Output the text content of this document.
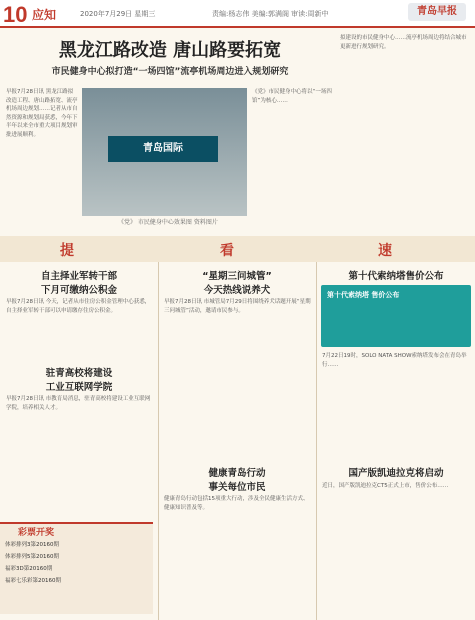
10 应知	2020年7月29日 星期三	责编:杨志伟 美编:郭满阁 审读:周新中	青岛早报
黑龙江路改造 唐山路要拓宽
市民健身中心拟打造“一场四馆”流亭机场周边进入规划研究
早报7月28日讯 黑龙江路拟改造工程、唐山路拓宽、流亭机场周边规划……记者从市自然资源和规划局获悉，今年下半年以来全市重大项目规划审批进展顺利。
青岛国际
《党》 市民健身中心效果图 资料图片
《党》市民健身中心将以“一场四馆”为核心……
拟建设的市民健身中心……流亭机场周边将结合城市更新进行规划研究。
提	看	速
自主择业军转干部
下月可缴纳公积金
早报7月28日讯 今天，记者从市住房公积金管理中心获悉，自主择业军转干部可以申请缴存住房公积金。
驻青高校将建设
工业互联网学院
早报7月28日讯 市教育局消息，驻青高校将建设工业互联网学院，培养相关人才。
彩票开奖
体彩排列3第20160期
体彩排列5第20160期
福彩3D第20160期
福彩七乐彩第20160期
“星期三问城管”
今天热线说养犬
早报7月28日讯 市城管局7月29日将围绕养犬话题开展“星期三问城管”活动，邀请市民参与。
健康青岛行动
事关每位市民
健康青岛行动包括15项重大行动，涉及全民健康生活方式、健康知识普及等。
第十代索纳塔售价公布
第十代索纳塔 售价公布
7月22日19时，SOLO NATA SHOW索纳塔发布会在青岛举行……
国产版凯迪拉克将启动
近日，国产版凯迪拉克CT5正式上市，售价公布……
